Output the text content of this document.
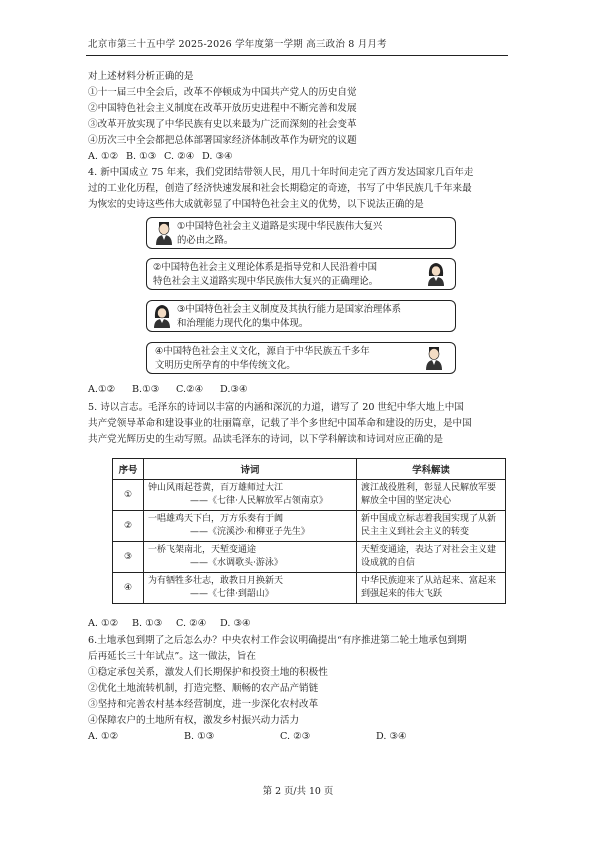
北京市第三十五中学 2025-2026 学年度第一学期 高三政治 8 月月考
对上述材料分析正确的是
①十一届三中全会后，改革不停顿成为中国共产党人的历史自觉
②中国特色社会主义制度在改革开放历史进程中不断完善和发展
③改革开放实现了中华民族有史以来最为广泛而深刻的社会变革
④历次三中全会都把总体部署国家经济体制改革作为研究的议题
A. ①② B. ①③ C. ②④ D. ③④
4. 新中国成立 75 年来，我们党团结带领人民，用几十年时间走完了西方发达国家几百年走
过的工业化历程，创造了经济快速发展和社会长期稳定的奇迹，书写了中华民族几千年来最
为恢宏的史诗这些伟大成就彰显了中国特色社会主义的优势，以下说法正确的是
①中国特色社会主义道路是实现中华民族伟大复兴
的必由之路。
②中国特色社会主义理论体系是指导党和人民沿着中国
特色社会主义道路实现中华民族伟大复兴的正确理论。
③中国特色社会主义制度及其执行能力是国家治理体系
和治理能力现代化的集中体现。
④中国特色社会主义文化，源自于中华民族五千多年
文明历史所孕育的中华传统文化。
A.①②	B.①③	C.②④	D.③④
5. 诗以言志。毛泽东的诗词以丰富的内涵和深沉的力道，谱写了 20 世纪中华大地上中国
共产党领导革命和建设事业的壮丽篇章，记载了半个多世纪中国革命和建设的历史，是中国
共产党光辉历史的生动写照。品读毛泽东的诗词，以下学科解读和诗词对应正确的是
序号	诗词	学科解读
①	钟山风雨起苍黄，百万雄师过大江
——《七律·人民解放军占领南京》	渡江战役胜利，彰显人民解放军要解放全中国的坚定决心
②	一唱雄鸡天下白，万方乐奏有于阗
——《浣溪沙·和柳亚子先生》	新中国成立标志着我国实现了从新民主主义到社会主义的转变
③	一桥飞架南北，天堑变通途
——《水调歌头·游泳》	天堑变通途，表达了对社会主义建设成就的自信
④	为有牺牲多壮志，敢教日月换新天
——《七律·到韶山》	中华民族迎来了从站起来、富起来到强起来的伟大飞跃
A. ①②	B. ①③	C. ②④	D. ③④
6.土地承包到期了之后怎么办？中央农村工作会议明确提出“有序推进第二轮土地承包到期
后再延长三十年试点”。这一做法，旨在
①稳定承包关系，激发人们长期保护和投资土地的积极性
②优化土地流转机制，打造完整、顺畅的农产品产销链
③坚持和完善农村基本经营制度，进一步深化农村改革
④保障农户的土地所有权，激发乡村振兴动力活力
A. ①②	B. ①③	C. ②③	D. ③④
第 2 页/共 10 页
